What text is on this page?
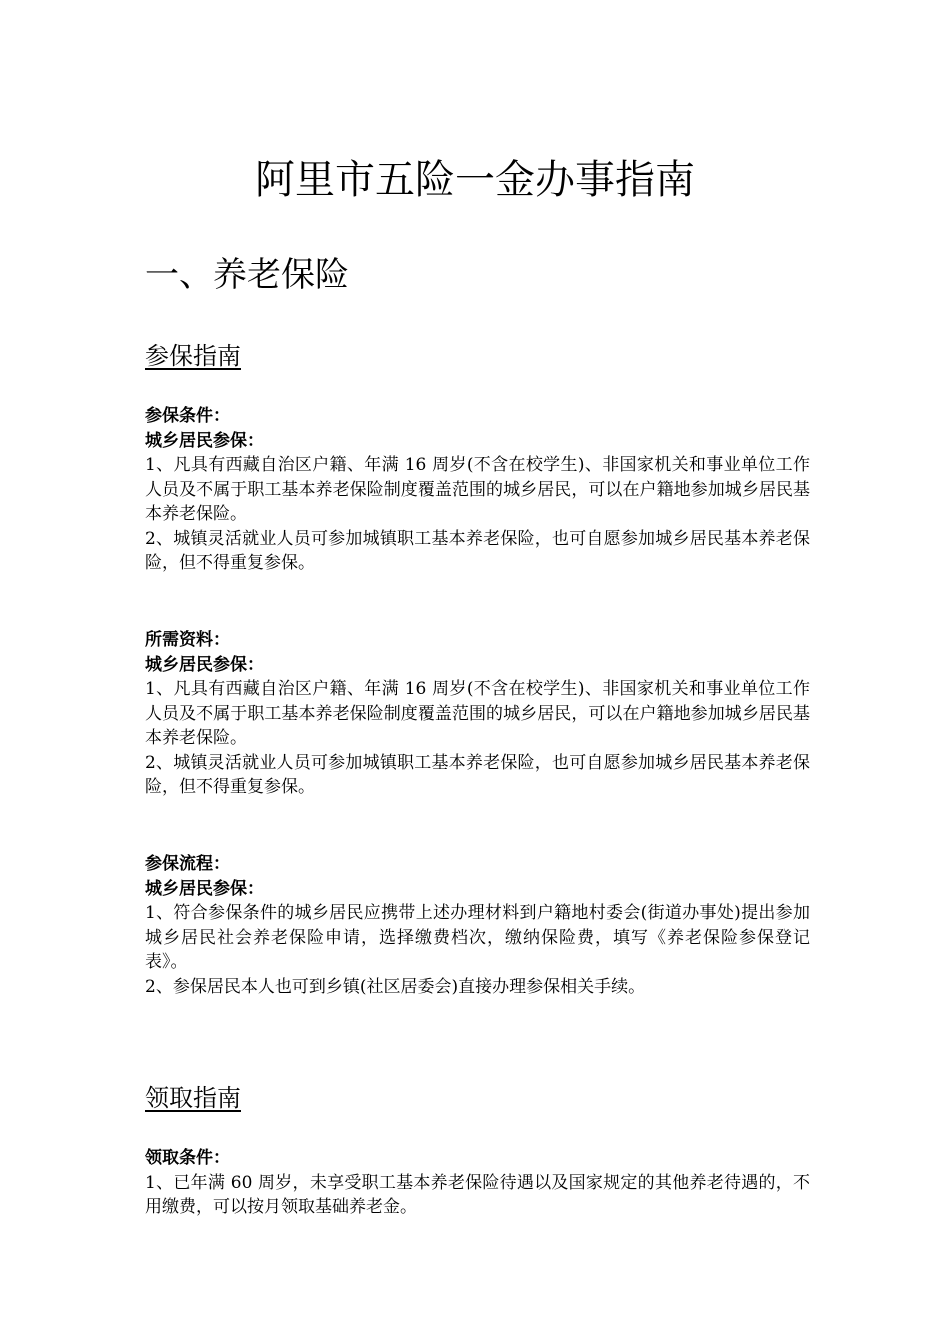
阿里市五险一金办事指南
一、养老保险
参保指南

参保条件：

城乡居民参保：

1、凡具有西藏自治区户籍、年满 16 周岁(不含在校学生)、非国家机关和事业单位工作人员及不属于职工基本养老保险制度覆盖范围的城乡居民，可以在户籍地参加城乡居民基本养老保险。

2、城镇灵活就业人员可参加城镇职工基本养老保险，也可自愿参加城乡居民基本养老保险，但不得重复参保。

所需资料：

城乡居民参保：

1、凡具有西藏自治区户籍、年满 16 周岁(不含在校学生)、非国家机关和事业单位工作人员及不属于职工基本养老保险制度覆盖范围的城乡居民，可以在户籍地参加城乡居民基本养老保险。

2、城镇灵活就业人员可参加城镇职工基本养老保险，也可自愿参加城乡居民基本养老保险，但不得重复参保。

参保流程：

城乡居民参保：

1、符合参保条件的城乡居民应携带上述办理材料到户籍地村委会(街道办事处)提出参加城乡居民社会养老保险申请，选择缴费档次，缴纳保险费，填写《养老保险参保登记表》。

2、参保居民本人也可到乡镇(社区居委会)直接办理参保相关手续。

领取指南

领取条件：

1、已年满 60 周岁，未享受职工基本养老保险待遇以及国家规定的其他养老待遇的，不用缴费，可以按月领取基础养老金。
